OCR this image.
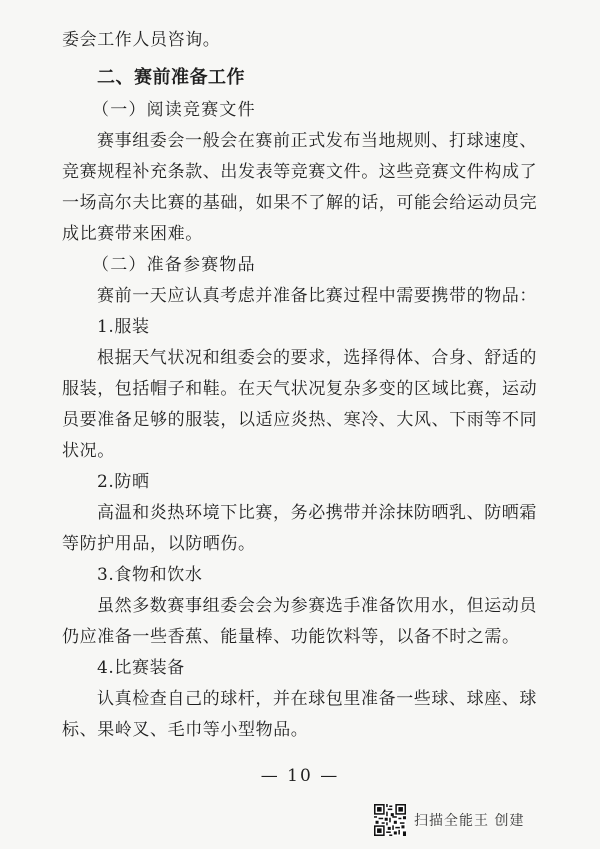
委会工作人员咨询。
二、赛前准备工作
（一）阅读竞赛文件
赛事组委会一般会在赛前正式发布当地规则、打球速度、
竞赛规程补充条款、出发表等竞赛文件。这些竞赛文件构成了
一场高尔夫比赛的基础，如果不了解的话，可能会给运动员完
成比赛带来困难。
（二）准备参赛物品
赛前一天应认真考虑并准备比赛过程中需要携带的物品：
1.服装
根据天气状况和组委会的要求，选择得体、合身、舒适的
服装，包括帽子和鞋。在天气状况复杂多变的区域比赛，运动
员要准备足够的服装，以适应炎热、寒冷、大风、下雨等不同
状况。
2.防晒
高温和炎热环境下比赛，务必携带并涂抹防晒乳、防晒霜
等防护用品，以防晒伤。
3.食物和饮水
虽然多数赛事组委会会为参赛选手准备饮用水，但运动员
仍应准备一些香蕉、能量棒、功能饮料等，以备不时之需。
4.比赛装备
认真检查自己的球杆，并在球包里准备一些球、球座、球
标、果岭叉、毛巾等小型物品。
— 10 —
扫描全能王 创建
